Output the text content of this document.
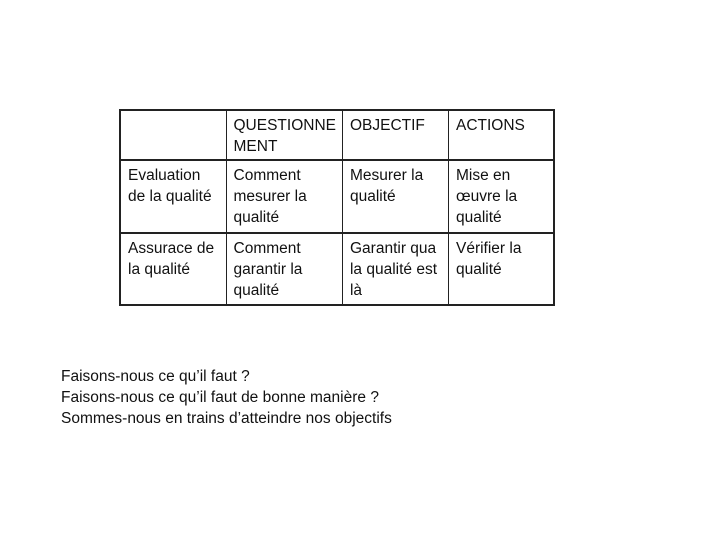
	QUESTIONNE MENT	OBJECTIF	ACTIONS
Evaluation de la qualité	Comment mesurer la qualité	Mesurer la qualité	Mise en œuvre la qualité
Assurace de la qualité	Comment garantir la qualité	Garantir qua la qualité est là	Vérifier la qualité
Faisons-nous ce qu’il faut ?
Faisons-nous ce qu’il faut de bonne manière ?
Sommes-nous en trains d’atteindre nos objectifs
